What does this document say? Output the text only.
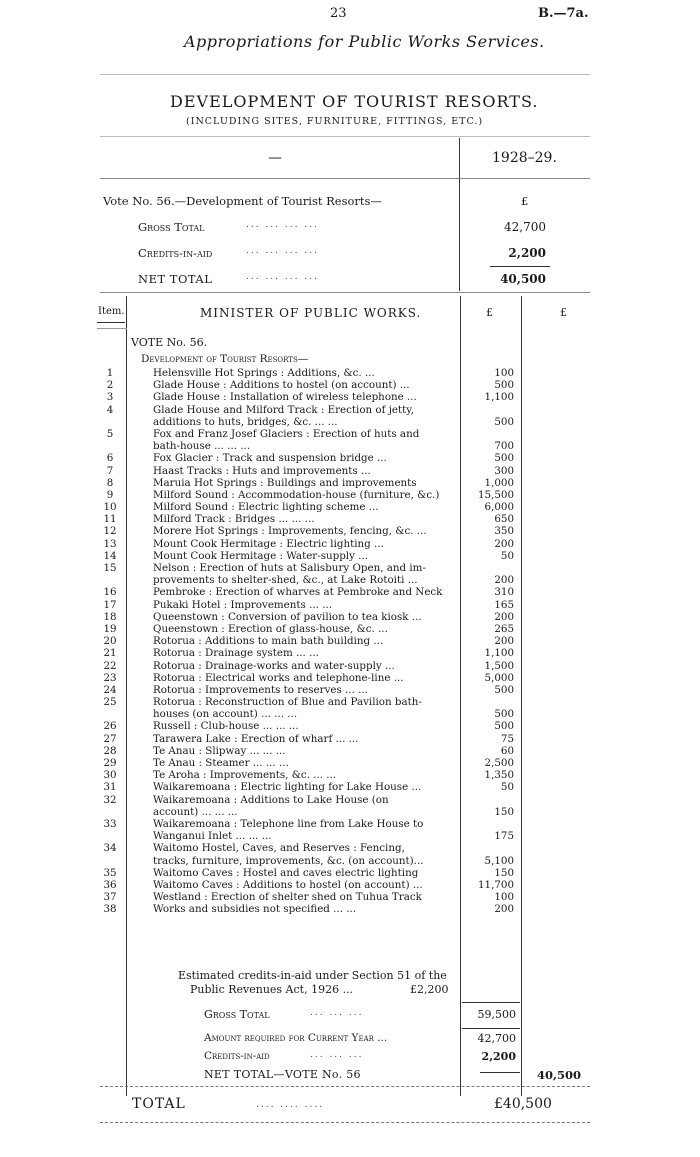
23	B.—7a.
Appropriations for Public Works Services.
DEVELOPMENT OF TOURIST RESORTS.
(INCLUDING SITES, FURNITURE, FITTINGS, ETC.)
—	1928–29.
Vote No. 56.—Development of Tourist Resorts—	£
Gross Total	... ... ... ...	42,700
Credits-in-aid	... ... ... ...	2,200
NET TOTAL	... ... ... ...	40,500
Item.	MINISTER OF PUBLIC WORKS.	£	£
VOTE No. 56.
Development of Tourist Resorts—
1	Helensville Hot Springs : Additions, &c. ...	100
2	Glade House : Additions to hostel (on account) ...	500
3	Glade House : Installation of wireless telephone ...	1,100
4	Glade House and Milford Track : Erection of jetty,
additions to huts, bridges, &c. ... ...	500
5	Fox and Franz Josef Glaciers : Erection of huts and
bath-house ... ... ...	700
6	Fox Glacier : Track and suspension bridge ...	500
7	Haast Tracks : Huts and improvements ...	300
8	Maruia Hot Springs : Buildings and improvements	1,000
9	Milford Sound : Accommodation-house (furniture, &c.)	15,500
10	Milford Sound : Electric lighting scheme ...	6,000
11	Milford Track : Bridges ... ... ...	650
12	Morere Hot Springs : Improvements, fencing, &c. ...	350
13	Mount Cook Hermitage : Electric lighting ...	200
14	Mount Cook Hermitage : Water-supply ...	50
15	Nelson : Erection of huts at Salisbury Open, and im-
provements to shelter-shed, &c., at Lake Rotoiti ...	200
16	Pembroke : Erection of wharves at Pembroke and Neck	310
17	Pukaki Hotel : Improvements ... ...	165
18	Queenstown : Conversion of pavilion to tea kiosk ...	200
19	Queenstown : Erection of glass-house, &c. ...	265
20	Rotorua : Additions to main bath building ...	200
21	Rotorua : Drainage system ... ...	1,100
22	Rotorua : Drainage-works and water-supply ...	1,500
23	Rotorua : Electrical works and telephone-line ...	5,000
24	Rotorua : Improvements to reserves ... ...	500
25	Rotorua : Reconstruction of Blue and Pavilion bath-
houses (on account) ... ... ...	500
26	Russell : Club-house ... ... ...	500
27	Tarawera Lake : Erection of wharf ... ...	75
28	Te Anau : Slipway ... ... ...	60
29	Te Anau : Steamer ... ... ...	2,500
30	Te Aroha : Improvements, &c. ... ...	1,350
31	Waikaremoana : Electric lighting for Lake House ...	50
32	Waikaremoana : Additions to Lake House (on
account) ... ... ...	150
33	Waikaremoana : Telephone line from Lake House to
Wanganui Inlet ... ... ...	175
34	Waitomo Hostel, Caves, and Reserves : Fencing,
tracks, furniture, improvements, &c. (on account)...	5,100
35	Waitomo Caves : Hostel and caves electric lighting	150
36	Waitomo Caves : Additions to hostel (on account) ...	11,700
37	Westland : Erection of shelter shed on Tuhua Track	100
38	Works and subsidies not specified ... ...	200
Estimated credits-in-aid under Section 51 of the
Public Revenues Act, 1926 ...	£2,200
Gross Total	... ... ...	59,500
Amount required for Current Year ...	42,700
Credits-in-aid	... ... ...	2,200
NET TOTAL—VOTE No. 56	40,500
TOTAL	.... .... ....	£40,500
